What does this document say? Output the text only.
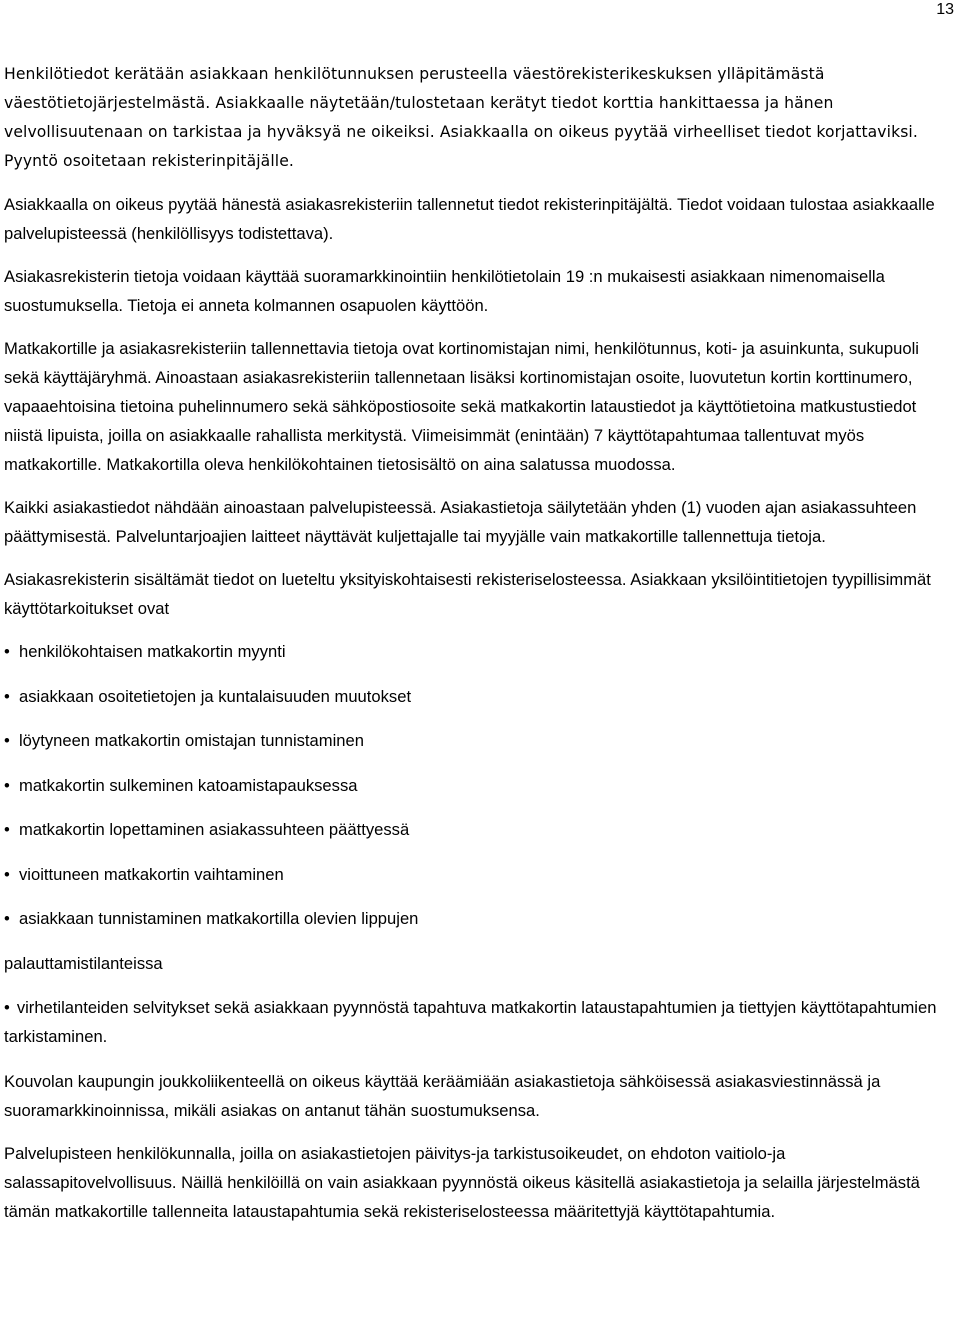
13

Henkilötiedot kerätään asiakkaan henkilötunnuksen perusteella väestörekisterikeskuksen ylläpitämästä väestötietojärjestelmästä. Asiakkaalle näytetään/tulostetaan kerätyt tiedot korttia hankittaessa ja hänen velvollisuutenaan on tarkistaa ja hyväksyä ne oikeiksi. Asiakkaalla on oikeus pyytää virheelliset tiedot korjattaviksi. Pyyntö osoitetaan rekisterinpitäjälle.

Asiakkaalla on oikeus pyytää hänestä asiakasrekisteriin tallennetut tiedot rekisterinpitäjältä. Tiedot voidaan tulostaa asiakkaalle palvelupisteessä (henkilöllisyys todistettava).

Asiakasrekisterin tietoja voidaan käyttää suoramarkkinointiin henkilötietolain 19 :n mukaisesti asiakkaan nimenomaisella suostumuksella. Tietoja ei anneta kolmannen osapuolen käyttöön.

Matkakortille ja asiakasrekisteriin tallennettavia tietoja ovat kortinomistajan nimi, henkilötunnus, koti- ja asuinkunta, sukupuoli sekä käyttäjäryhmä. Ainoastaan asiakasrekisteriin tallennetaan lisäksi kortinomistajan osoite, luovutetun kortin korttinumero, vapaaehtoisina tietoina puhelinnumero sekä sähköpostiosoite sekä matkakortin lataustiedot ja käyttötietoina matkustustiedot niistä lipuista, joilla on asiakkaalle rahallista merkitystä. Viimeisimmät (enintään) 7 käyttötapahtumaa tallentuvat myös matkakortille. Matkakortilla oleva henkilökohtainen tietosisältö on aina salatussa muodossa.

Kaikki asiakastiedot nähdään ainoastaan palvelupisteessä. Asiakastietoja säilytetään yhden (1) vuoden ajan asiakassuhteen päättymisestä. Palveluntarjoajien laitteet näyttävät kuljettajalle tai myyjälle vain matkakortille tallennettuja tietoja.

Asiakasrekisterin sisältämät tiedot on lueteltu yksityiskohtaisesti rekisteriselosteessa. Asiakkaan yksilöintitietojen tyypillisimmät käyttötarkoitukset ovat

• henkilökohtaisen matkakortin myynti
• asiakkaan osoitetietojen ja kuntalaisuuden muutokset
• löytyneen matkakortin omistajan tunnistaminen
• matkakortin sulkeminen katoamistapauksessa
• matkakortin lopettaminen asiakassuhteen päättyessä
• vioittuneen matkakortin vaihtaminen
• asiakkaan tunnistaminen matkakortilla olevien lippujen
palauttamistilanteissa
• virhetilanteiden selvitykset sekä asiakkaan pyynnöstä tapahtuva matkakortin lataustapahtumien ja tiettyjen käyttötapahtumien tarkistaminen.

Kouvolan kaupungin joukkoliikenteellä on oikeus käyttää keräämiään asiakastietoja sähköisessä asiakasviestinnässä ja suoramarkkinoinnissa, mikäli asiakas on antanut tähän suostumuksensa.

Palvelupisteen henkilökunnalla, joilla on asiakastietojen päivitys-ja tarkistusoikeudet, on ehdoton vaitiolo-ja salassapitovelvollisuus. Näillä henkilöillä on vain asiakkaan pyynnöstä oikeus käsitellä asiakastietoja ja selailla järjestelmästä tämän matkakortille tallenneita lataustapahtumia sekä rekisteriselosteessa määritettyjä käyttötapahtumia.
